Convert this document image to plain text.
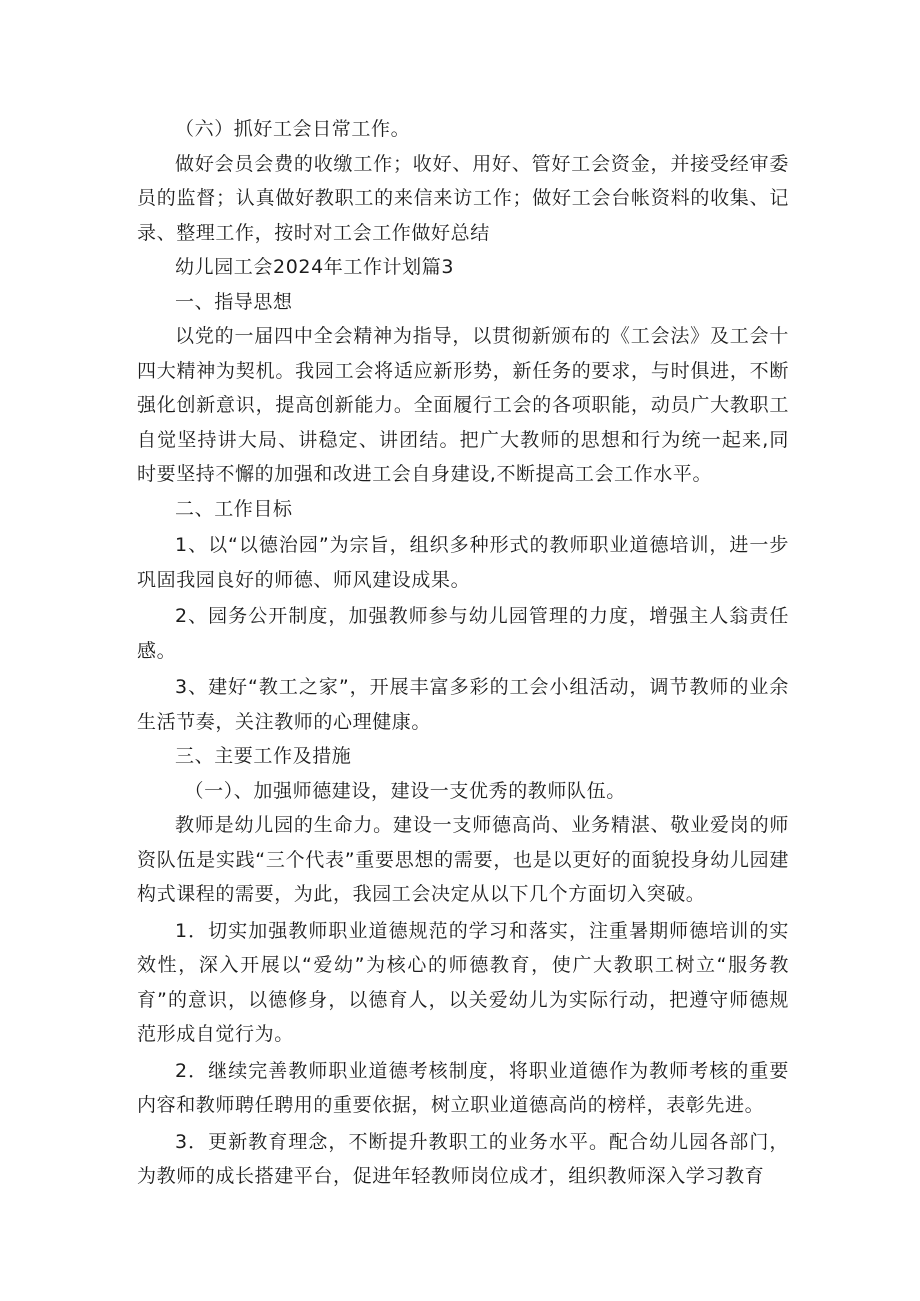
（六）抓好工会日常工作。

做好会员会费的收缴工作；收好、用好、管好工会资金，并接受经审委员的监督；认真做好教职工的来信来访工作；做好工会台帐资料的收集、记录、整理工作，按时对工会工作做好总结

幼儿园工会2024年工作计划篇3

一、指导思想

以党的一届四中全会精神为指导，以贯彻新颁布的《工会法》及工会十四大精神为契机。我园工会将适应新形势，新任务的要求，与时俱进，不断强化创新意识，提高创新能力。全面履行工会的各项职能，动员广大教职工自觉坚持讲大局、讲稳定、讲团结。把广大教师的思想和行为统一起来,同时要坚持不懈的加强和改进工会自身建设,不断提高工会工作水平。

二、工作目标

1、以“以德治园”为宗旨，组织多种形式的教师职业道德培训，进一步巩固我园良好的师德、师风建设成果。

2、园务公开制度，加强教师参与幼儿园管理的力度，增强主人翁责任感。

3、建好“教工之家”，开展丰富多彩的工会小组活动，调节教师的业余生活节奏，关注教师的心理健康。

三、主要工作及措施

（一）、加强师德建设，建设一支优秀的教师队伍。

教师是幼儿园的生命力。建设一支师德高尚、业务精湛、敬业爱岗的师资队伍是实践“三个代表”重要思想的需要，也是以更好的面貌投身幼儿园建构式课程的需要，为此，我园工会决定从以下几个方面切入突破。

1．切实加强教师职业道德规范的学习和落实，注重暑期师德培训的实效性，深入开展以“爱幼”为核心的师德教育，使广大教职工树立“服务教育”的意识，以德修身，以德育人，以关爱幼儿为实际行动，把遵守师德规范形成自觉行为。

2．继续完善教师职业道德考核制度，将职业道德作为教师考核的重要内容和教师聘任聘用的重要依据，树立职业道德高尚的榜样，表彰先进。

3．更新教育理念，不断提升教职工的业务水平。配合幼儿园各部门，为教师的成长搭建平台，促进年轻教师岗位成才，组织教师深入学习教育
